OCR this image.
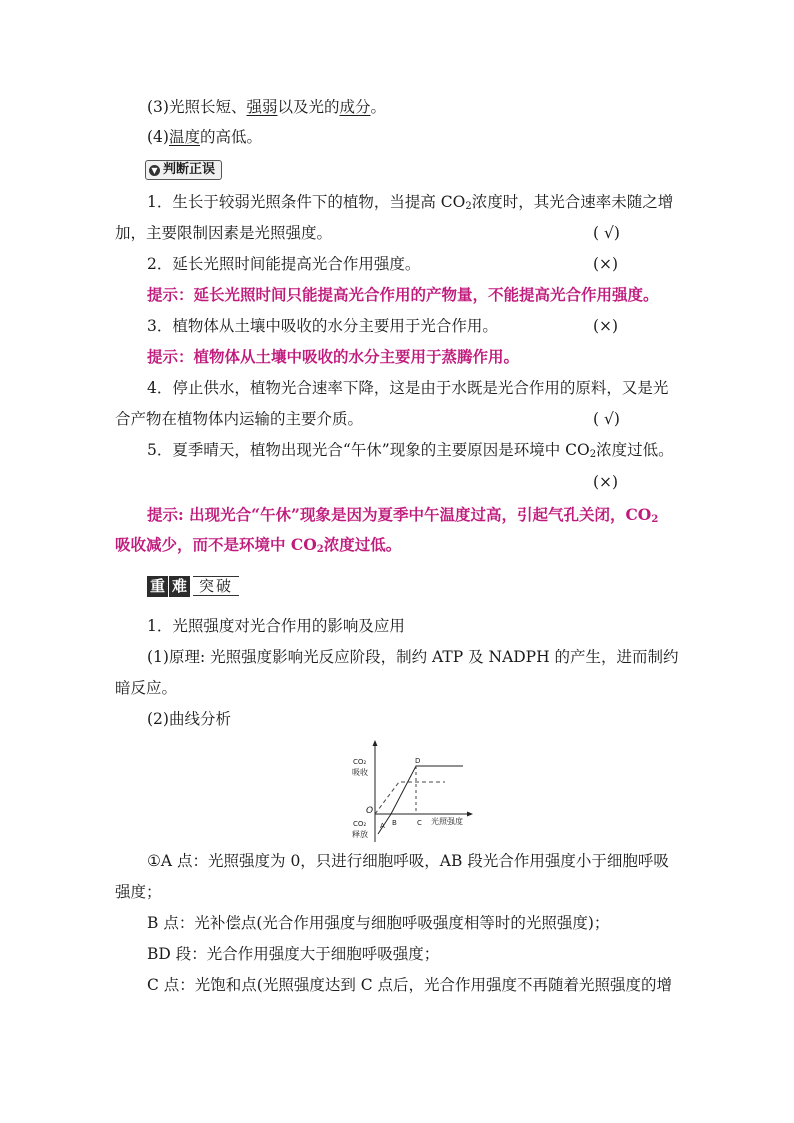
(3)光照长短、强弱以及光的成分。
(4)温度的高低。
▼ 判断正误
1．生长于较弱光照条件下的植物，当提高 $CO_2$浓度时，其光合速率未随之增
加，主要限制因素是光照强度。	( √)
2．延长光照时间能提高光合作用强度。	(×)
提示：延长光照时间只能提高光合作用的产物量，不能提高光合作用强度。
3．植物体从土壤中吸收的水分主要用于光合作用。	(×)
提示：植物体从土壤中吸收的水分主要用于蒸腾作用。
4．停止供水，植物光合速率下降，这是由于水既是光合作用的原料，又是光
合产物在植物体内运输的主要介质。	( √)
5．夏季晴天，植物出现光合“午休”现象的主要原因是环境中 $CO_2$浓度过低。
(×)
提示: 出现光合“午休”现象是因为夏季中午温度过高，引起气孔关闭，$CO_2$
吸收减少，而不是环境中 $CO_2$浓度过低。
重 难 突破
1．光照强度对光合作用的影响及应用
(1)原理: 光照强度影响光反应阶段，制约 ATP 及 NADPH 的产生，进而制约
暗反应。
(2)曲线分析
CO₂
吸收
CO₂
释放
O
A B	C
D
光照强度
①A 点：光照强度为 0，只进行细胞呼吸，AB 段光合作用强度小于细胞呼吸
强度；
B 点：光补偿点(光合作用强度与细胞呼吸强度相等时的光照强度)；
BD 段：光合作用强度大于细胞呼吸强度；
C 点：光饱和点(光照强度达到 C 点后，光合作用强度不再随着光照强度的增
